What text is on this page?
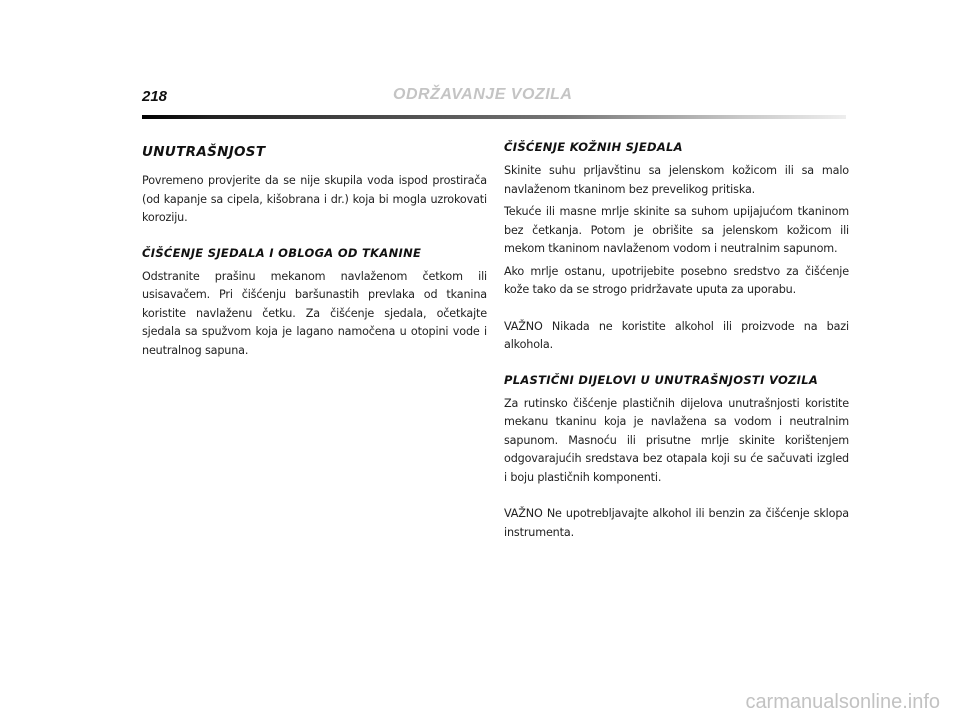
218	ODRŽAVANJE VOZILA
UNUTRAŠNJOST

Povremeno provjerite da se nije skupila voda ispod prostirača (od kapanje sa cipela, kišobrana i dr.) koja bi mogla uzrokovati koroziju.

ČIŠĆENJE SJEDALA I OBLOGA OD TKANINE

Odstranite prašinu mekanom navlaženom četkom ili usisavačem. Pri čišćenju baršunastih prevlaka od tkanina koristite navlaženu četku. Za čišćenje sjedala, očetkajte sjedala sa spužvom koja je lagano namočena u otopini vode i neutralnog sapuna.

ČIŠĆENJE KOŽNIH SJEDALA

Skinite suhu prljavštinu sa jelenskom kožicom ili sa malo navlaženom tkaninom bez prevelikog pritiska.

Tekuće ili masne mrlje skinite sa suhom upijajućom tkaninom bez četkanja. Potom je obrišite sa jelenskom kožicom ili mekom tkaninom navlaženom vodom i neutralnim sapunom.

Ako mrlje ostanu, upotrijebite posebno sredstvo za čišćenje kože tako da se strogo pridržavate uputa za uporabu.

VAŽNO Nikada ne koristite alkohol ili proizvode na bazi alkohola.

PLASTIČNI DIJELOVI U UNUTRAŠNJOSTI VOZILA

Za rutinsko čišćenje plastičnih dijelova unutrašnjosti koristite mekanu tkaninu koja je navlažena sa vodom i neutralnim sapunom. Masnoću ili prisutne mrlje skinite korištenjem odgovarajućih sredstava bez otapala koji su će sačuvati izgled i boju plastičnih komponenti.

VAŽNO Ne upotrebljavajte alkohol ili benzin za čišćenje sklopa instrumenta.

carmanualsonline.info
